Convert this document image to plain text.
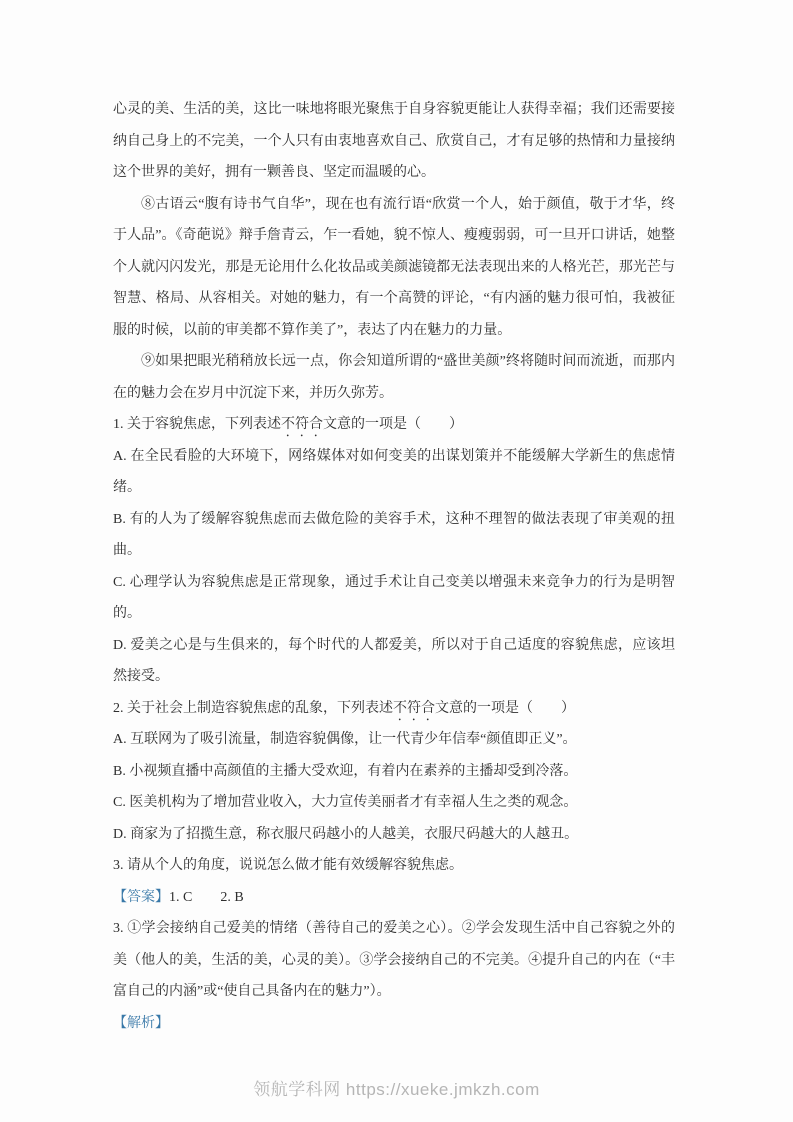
心灵的美、生活的美，这比一味地将眼光聚焦于自身容貌更能让人获得幸福；我们还需要接纳自己身上的不完美，一个人只有由衷地喜欢自己、欣赏自己，才有足够的热情和力量接纳这个世界的美好，拥有一颗善良、坚定而温暖的心。

⑧古语云“腹有诗书气自华”，现在也有流行语“欣赏一个人，始于颜值，敬于才华，终于人品”。《奇葩说》辩手詹青云，乍一看她，貌不惊人、瘦瘦弱弱，可一旦开口讲话，她整个人就闪闪发光，那是无论用什么化妆品或美颜滤镜都无法表现出来的人格光芒，那光芒与智慧、格局、从容相关。对她的魅力，有一个高赞的评论，“有内涵的魅力很可怕，我被征服的时候，以前的审美都不算作美了”，表达了内在魅力的力量。

⑨如果把眼光稍稍放长远一点，你会知道所谓的“盛世美颜”终将随时间而流逝，而那内在的魅力会在岁月中沉淀下来，并历久弥芳。

1. 关于容貌焦虑，下列表述不符合文意的一项是（　　）

A. 在全民看脸的大环境下，网络媒体对如何变美的出谋划策并不能缓解大学新生的焦虑情绪。

B. 有的人为了缓解容貌焦虑而去做危险的美容手术，这种不理智的做法表现了审美观的扭曲。

C. 心理学认为容貌焦虑是正常现象，通过手术让自己变美以增强未来竞争力的行为是明智的。

D. 爱美之心是与生俱来的，每个时代的人都爱美，所以对于自己适度的容貌焦虑，应该坦然接受。

2. 关于社会上制造容貌焦虑的乱象，下列表述不符合文意的一项是（　　）

A. 互联网为了吸引流量，制造容貌偶像，让一代青少年信奉“颜值即正义”。

B. 小视频直播中高颜值的主播大受欢迎，有着内在素养的主播却受到冷落。

C. 医美机构为了增加营业收入，大力宣传美丽者才有幸福人生之类的观念。

D. 商家为了招揽生意，称衣服尺码越小的人越美，衣服尺码越大的人越丑。

3. 请从个人的角度，说说怎么做才能有效缓解容貌焦虑。

【答案】1. C　　2. B

3. ①学会接纳自己爱美的情绪（善待自己的爱美之心）。②学会发现生活中自己容貌之外的美（他人的美，生活的美，心灵的美）。③学会接纳自己的不完美。④提升自己的内在（“丰富自己的内涵”或“使自己具备内在的魅力”）。

【解析】

领航学科网 https://xueke.jmkzh.com
